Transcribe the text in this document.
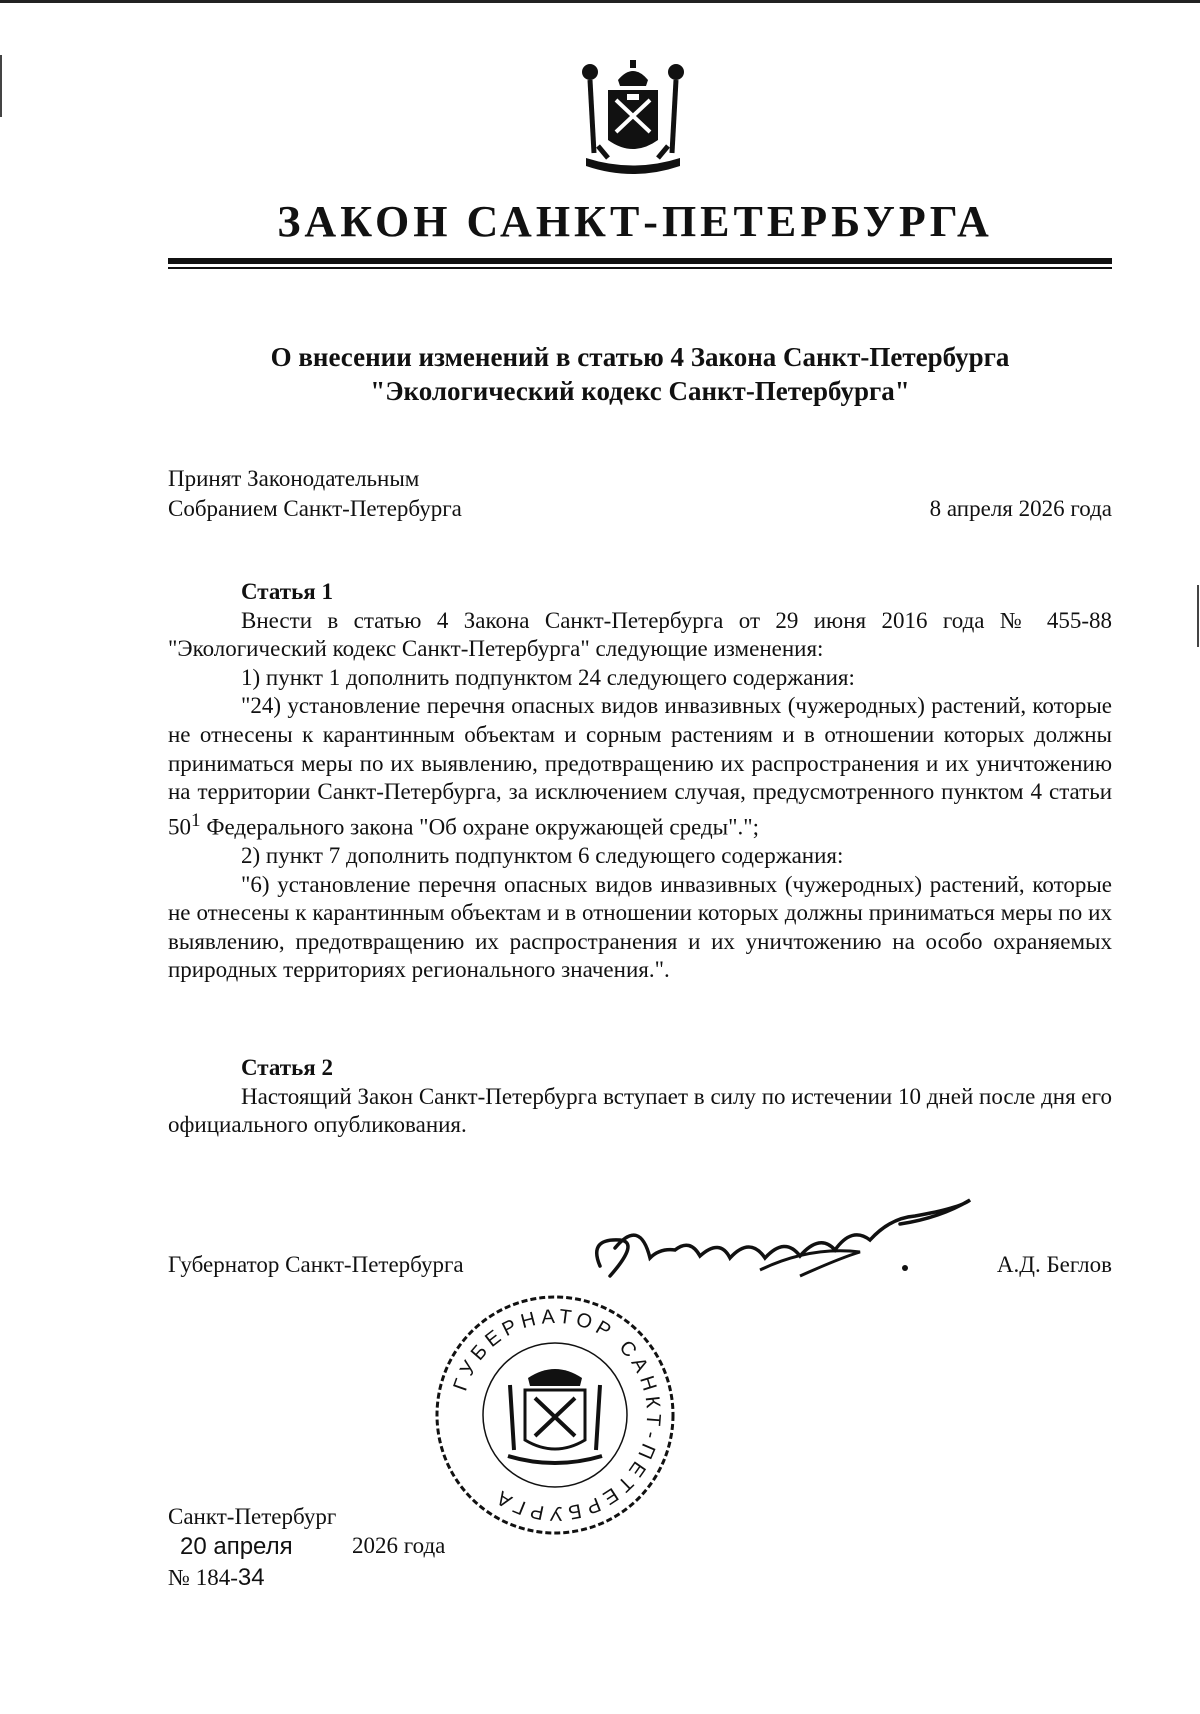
ЗАКОН САНКТ-ПЕТЕРБУРГА
О внесении изменений в статью 4 Закона Санкт-Петербурга
"Экологический кодекс Санкт-Петербурга"
Принят Законодательным
Собранием Санкт-Петербурга	8 апреля 2026 года
Статья 1

Внести в статью 4 Закона Санкт-Петербурга от 29 июня 2016 года № 455-88 "Экологический кодекс Санкт-Петербурга" следующие изменения:

1) пункт 1 дополнить подпунктом 24 следующего содержания:

"24) установление перечня опасных видов инвазивных (чужеродных) растений, которые не отнесены к карантинным объектам и сорным растениям и в отношении которых должны приниматься меры по их выявлению, предотвращению их распространения и их уничтожению на территории Санкт-Петербурга, за исключением случая, предусмотренного пунктом 4 статьи $50^1$ Федерального закона "Об охране окружающей среды".";

2) пункт 7 дополнить подпунктом 6 следующего содержания:

"6) установление перечня опасных видов инвазивных (чужеродных) растений, которые не отнесены к карантинным объектам и в отношении которых должны приниматься меры по их выявлению, предотвращению их распространения и их уничтожению на особо охраняемых природных территориях регионального значения.".

Статья 2

Настоящий Закон Санкт-Петербурга вступает в силу по истечении 10 дней после дня его официального опубликования.

Губернатор Санкт-Петербурга	А.Д. Беглов
ГУБЕРНАТОР САНКТ-ПЕТЕРБУРГА
Санкт-Петербург
20 апреля	2026 года
№ 184-34
